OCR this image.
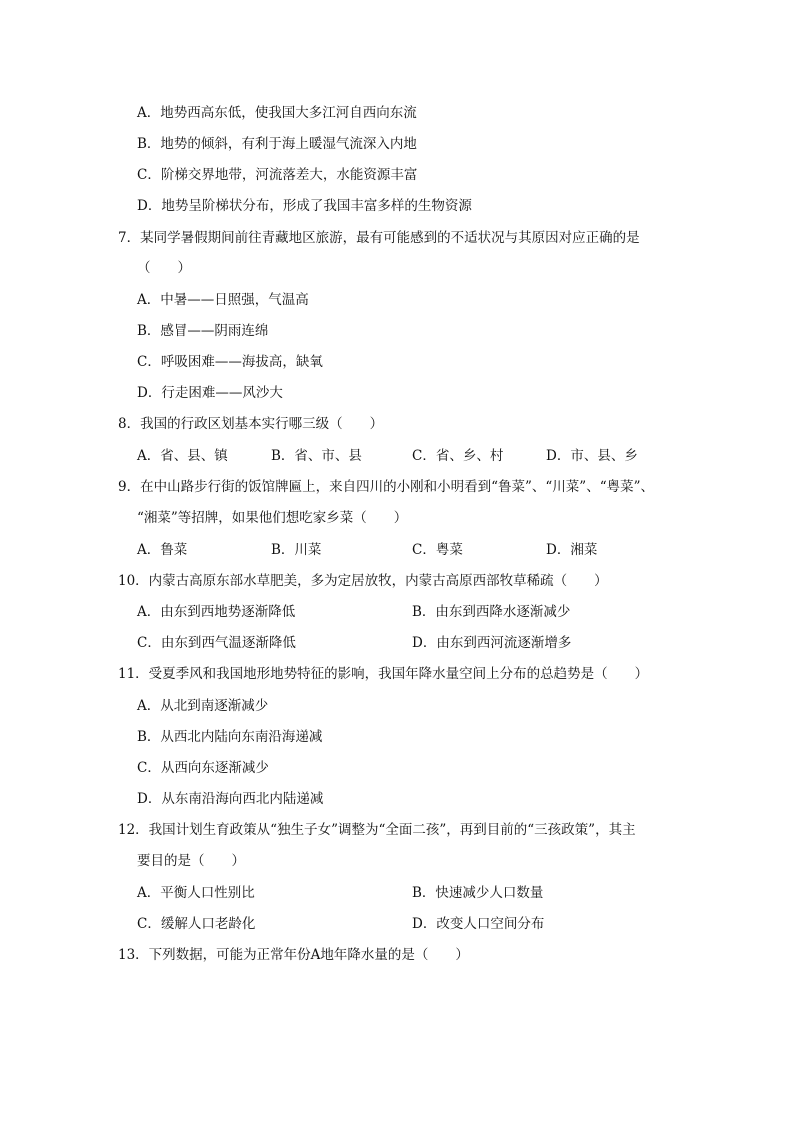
A．地势西高东低，使我国大多江河自西向东流
B．地势的倾斜，有利于海上暖湿气流深入内地
C．阶梯交界地带，河流落差大，水能资源丰富
D．地势呈阶梯状分布，形成了我国丰富多样的生物资源
7．某同学暑假期间前往青藏地区旅游，最有可能感到的不适状况与其原因对应正确的是
（　　）
A．中暑——日照强，气温高
B．感冒——阴雨连绵
C．呼吸困难——海拔高，缺氧
D．行走困难——风沙大
8．我国的行政区划基本实行哪三级（　　）
A．省、县、镇	B．省、市、县	C．省、乡、村	D．市、县、乡
9．在中山路步行街的饭馆牌匾上，来自四川的小刚和小明看到“鲁菜”、“川菜”、“粤菜”、
“湘菜”等招牌，如果他们想吃家乡菜（　　）
A．鲁菜	B．川菜	C．粤菜	D．湘菜
10．内蒙古高原东部水草肥美，多为定居放牧，内蒙古高原西部牧草稀疏（　　）
A．由东到西地势逐渐降低	B．由东到西降水逐渐减少
C．由东到西气温逐渐降低	D．由东到西河流逐渐增多
11．受夏季风和我国地形地势特征的影响，我国年降水量空间上分布的总趋势是（　　）
A．从北到南逐渐减少
B．从西北内陆向东南沿海递减
C．从西向东逐渐减少
D．从东南沿海向西北内陆递减
12．我国计划生育政策从“独生子女”调整为“全面二孩”，再到目前的“三孩政策”，其主
要目的是（　　）
A．平衡人口性别比	B．快速减少人口数量
C．缓解人口老龄化	D．改变人口空间分布
13．下列数据，可能为正常年份A地年降水量的是（　　）
